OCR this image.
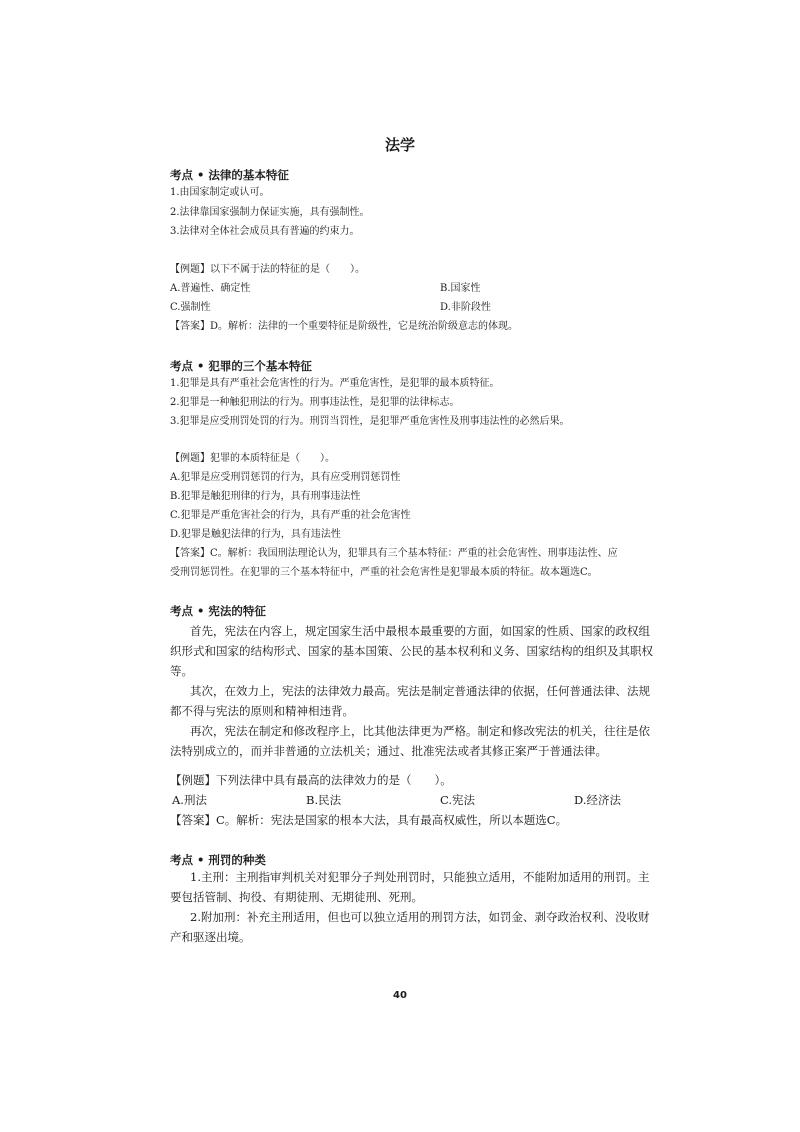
法学
考点 • 法律的基本特征
1.由国家制定或认可。
2.法律靠国家强制力保证实施，具有强制性。
3.法律对全体社会成员具有普遍的约束力。
【例题】以下不属于法的特征的是（　　）。
A.普遍性、确定性	B.国家性
C.强制性	D.非阶段性
【答案】D。解析：法律的一个重要特征是阶级性，它是统治阶级意志的体现。
考点 • 犯罪的三个基本特征
1.犯罪是具有严重社会危害性的行为。严重危害性，是犯罪的最本质特征。
2.犯罪是一种触犯刑法的行为。刑事违法性，是犯罪的法律标志。
3.犯罪是应受刑罚处罚的行为。刑罚当罚性，是犯罪严重危害性及刑事违法性的必然后果。
【例题】犯罪的本质特征是（　　）。
A.犯罪是应受刑罚惩罚的行为，具有应受刑罚惩罚性
B.犯罪是触犯刑律的行为，具有刑事违法性
C.犯罪是严重危害社会的行为，具有严重的社会危害性
D.犯罪是触犯法律的行为，具有违法性
【答案】C。解析：我国刑法理论认为，犯罪具有三个基本特征：严重的社会危害性、刑事违法性、应
受刑罚惩罚性。在犯罪的三个基本特征中，严重的社会危害性是犯罪最本质的特征。故本题选C。
考点 • 宪法的特征
首先，宪法在内容上，规定国家生活中最根本最重要的方面，如国家的性质、国家的政权组
织形式和国家的结构形式、国家的基本国策、公民的基本权利和义务、国家结构的组织及其职权
等。
其次，在效力上，宪法的法律效力最高。宪法是制定普通法律的依据，任何普通法律、法规
都不得与宪法的原则和精神相违背。
再次，宪法在制定和修改程序上，比其他法律更为严格。制定和修改宪法的机关，往往是依
法特别成立的，而并非普通的立法机关；通过、批准宪法或者其修正案严于普通法律。
【例题】下列法律中具有最高的法律效力的是（　　）。
A.刑法	B.民法	C.宪法	D.经济法
【答案】C。解析：宪法是国家的根本大法，具有最高权威性，所以本题选C。
考点 • 刑罚的种类
1.主刑：主刑指审判机关对犯罪分子判处刑罚时，只能独立适用，不能附加适用的刑罚。主
要包括管制、拘役、有期徒刑、无期徒刑、死刑。
2.附加刑：补充主刑适用，但也可以独立适用的刑罚方法，如罚金、剥夺政治权利、没收财
产和驱逐出境。
40
